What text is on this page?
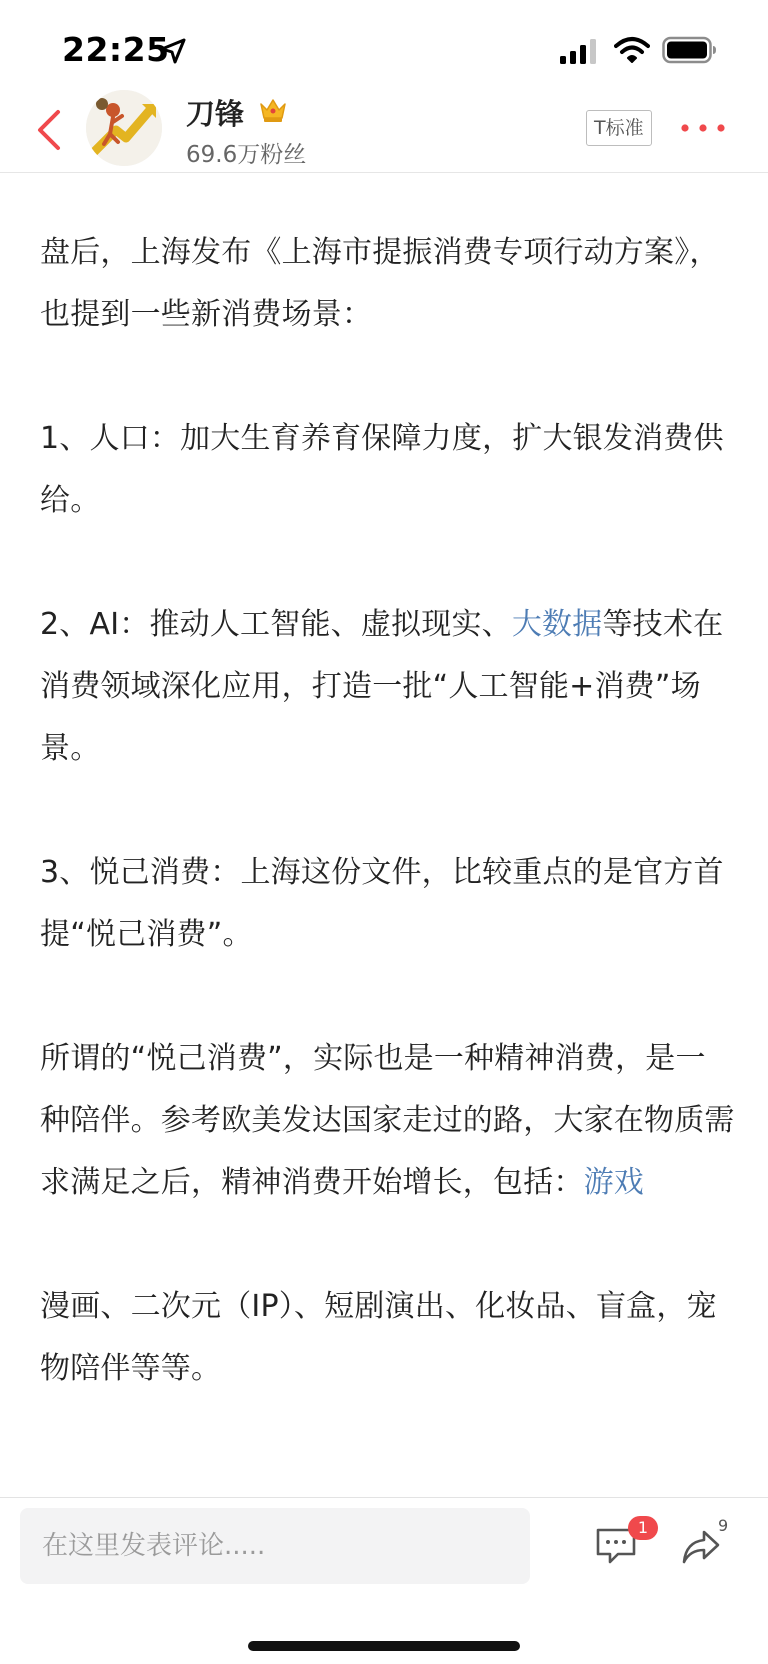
22:25
刀锋
69.6万粉丝
T标准

盘后，上海发布《上海市提振消费专项行动方案》，也提到一些新消费场景：

1、人口：加大生育养育保障力度，扩大银发消费供给。

2、AI：推动人工智能、虚拟现实、大数据等技术在消费领域深化应用，打造一批“人工智能+消费”场景。

3、悦己消费：上海这份文件，比较重点的是官方首提“悦己消费”。

所谓的“悦己消费”，实际也是一种精神消费，是一种陪伴。参考欧美发达国家走过的路，大家在物质需求满足之后，精神消费开始增长，包括：游戏

漫画、二次元（IP）、短剧演出、化妆品、盲盒，宠物陪伴等等。

在这里发表评论.....
1	9
